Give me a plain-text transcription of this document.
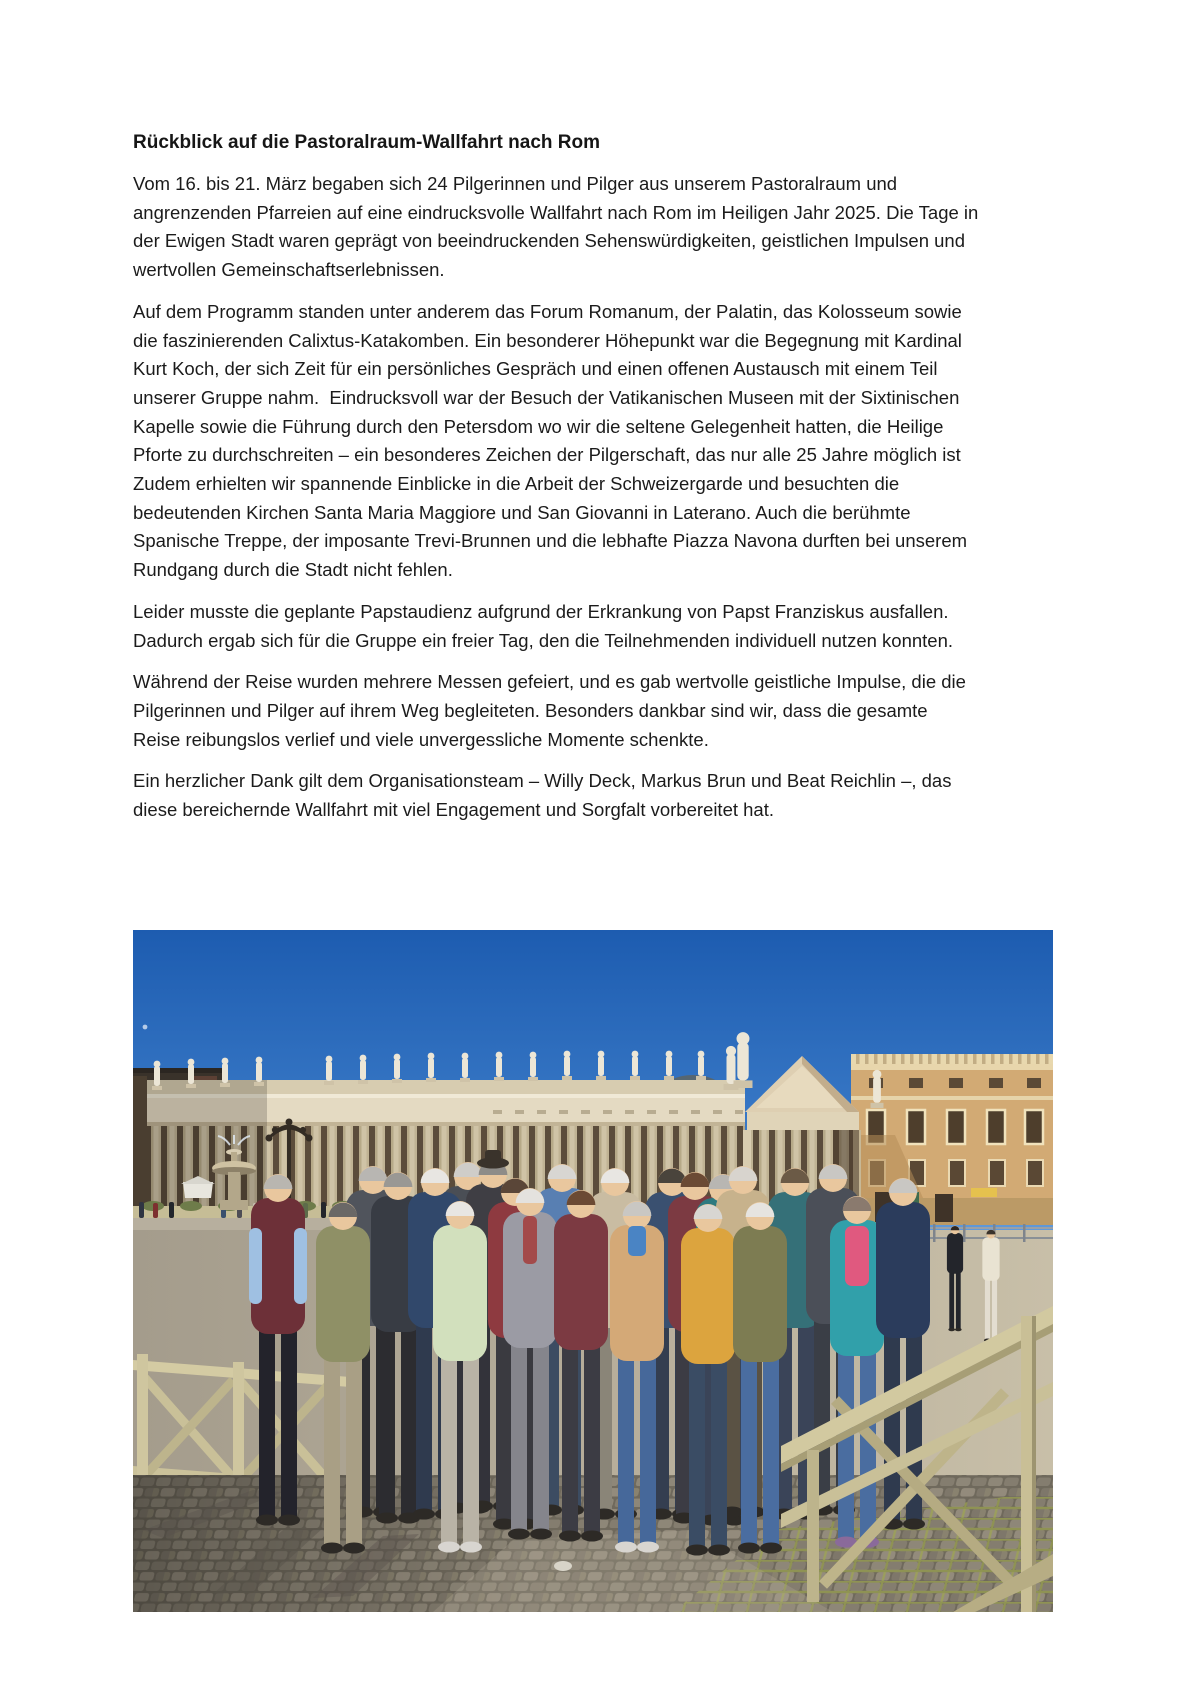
Rückblick auf die Pastoralraum-Wallfahrt nach Rom

Vom 16. bis 21. März begaben sich 24 Pilgerinnen und Pilger aus unserem Pastoralraum und angrenzenden Pfarreien auf eine eindrucksvolle Wallfahrt nach Rom im Heiligen Jahr 2025. Die Tage in der Ewigen Stadt waren geprägt von beeindruckenden Sehenswürdigkeiten, geistlichen Impulsen und wertvollen Gemeinschaftserlebnissen.

Auf dem Programm standen unter anderem das Forum Romanum, der Palatin, das Kolosseum sowie die faszinierenden Calixtus-Katakomben. Ein besonderer Höhepunkt war die Begegnung mit Kardinal Kurt Koch, der sich Zeit für ein persönliches Gespräch und einen offenen Austausch mit einem Teil unserer Gruppe nahm.  Eindrucksvoll war der Besuch der Vatikanischen Museen mit der Sixtinischen Kapelle sowie die Führung durch den Petersdom wo wir die seltene Gelegenheit hatten, die Heilige Pforte zu durchschreiten – ein besonderes Zeichen der Pilgerschaft, das nur alle 25 Jahre möglich ist Zudem erhielten wir spannende Einblicke in die Arbeit der Schweizergarde und besuchten die bedeutenden Kirchen Santa Maria Maggiore und San Giovanni in Laterano. Auch die berühmte Spanische Treppe, der imposante Trevi-Brunnen und die lebhafte Piazza Navona durften bei unserem Rundgang durch die Stadt nicht fehlen.

Leider musste die geplante Papstaudienz aufgrund der Erkrankung von Papst Franziskus ausfallen. Dadurch ergab sich für die Gruppe ein freier Tag, den die Teilnehmenden individuell nutzen konnten.

Während der Reise wurden mehrere Messen gefeiert, und es gab wertvolle geistliche Impulse, die die Pilgerinnen und Pilger auf ihrem Weg begleiteten. Besonders dankbar sind wir, dass die gesamte Reise reibungslos verlief und viele unvergessliche Momente schenkte.

Ein herzlicher Dank gilt dem Organisationsteam – Willy Deck, Markus Brun und Beat Reichlin –, das diese bereichernde Wallfahrt mit viel Engagement und Sorgfalt vorbereitet hat.
